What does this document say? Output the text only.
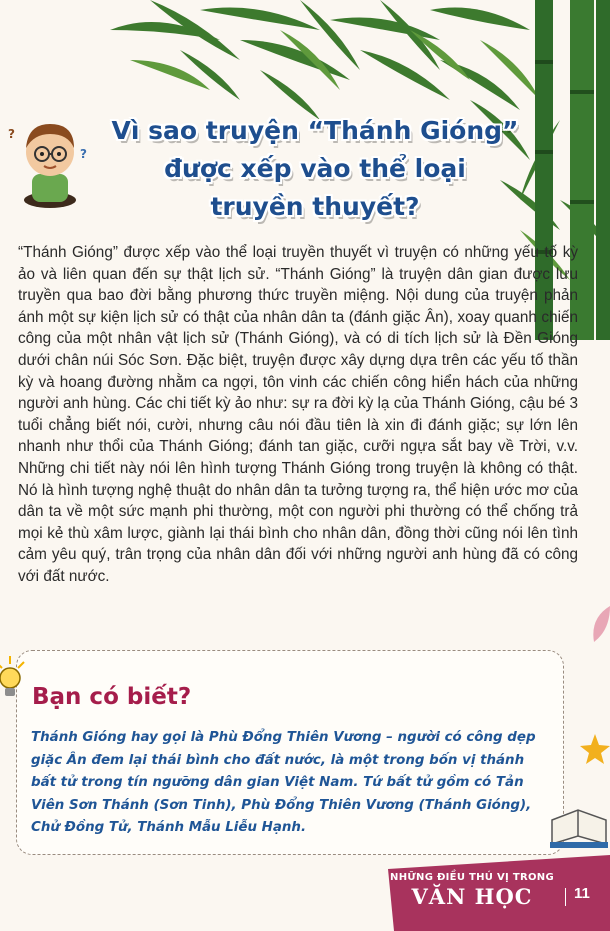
?
?
Vì sao truyện “Thánh Gióng”
được xếp vào thể loại
truyền thuyết?

“Thánh Gióng” được xếp vào thể loại truyền thuyết vì truyện có những yếu tố kỳ ảo và liên quan đến sự thật lịch sử. “Thánh Gióng” là truyện dân gian được lưu truyền qua bao đời bằng phương thức truyền miệng. Nội dung của truyện phản ánh một sự kiện lịch sử có thật của nhân dân ta (đánh giặc Ân), xoay quanh chiến công của một nhân vật lịch sử (Thánh Gióng), và có di tích lịch sử là Đền Gióng dưới chân núi Sóc Sơn. Đặc biệt, truyện được xây dựng dựa trên các yếu tố thần kỳ và hoang đường nhằm ca ngợi, tôn vinh các chiến công hiển hách của những người anh hùng. Các chi tiết kỳ ảo như: sự ra đời kỳ lạ của Thánh Gióng, cậu bé 3 tuổi chẳng biết nói, cười, nhưng câu nói đầu tiên là xin đi đánh giặc; sự lớn lên nhanh như thổi của Thánh Gióng; đánh tan giặc, cưỡi ngựa sắt bay về Trời, v.v. Những chi tiết này nói lên hình tượng Thánh Gióng trong truyện là không có thật. Nó là hình tượng nghệ thuật do nhân dân ta tưởng tượng ra, thể hiện ước mơ của dân ta về một sức mạnh phi thường, một con người phi thường có thể chống trả mọi kẻ thù xâm lược, giành lại thái bình cho nhân dân, đồng thời cũng nói lên tình cảm yêu quý, trân trọng của nhân dân đối với những người anh hùng đã có công với đất nước.

Bạn có biết?

Thánh Gióng hay gọi là Phù Đổng Thiên Vương – người có công dẹp giặc Ân đem lại thái bình cho đất nước, là một trong bốn vị thánh bất tử trong tín ngưỡng dân gian Việt Nam. Tứ bất tử gồm có Tản Viên Sơn Thánh (Sơn Tinh), Phù Đổng Thiên Vương (Thánh Gióng), Chử Đồng Tử, Thánh Mẫu Liễu Hạnh.

NHỮNG ĐIỀU THÚ VỊ TRONG
VĂN HỌC	11
